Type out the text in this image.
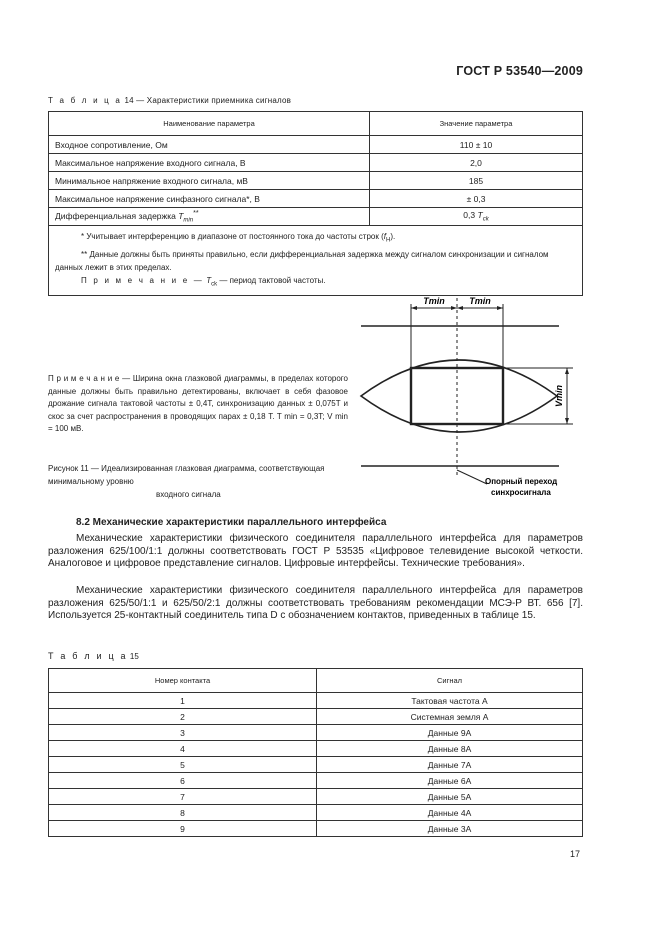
ГОСТ Р 53540—2009
Т а б л и ц а 14 — Характеристики приемника сигналов
Наименование параметра	Значение параметра
Входное сопротивление, Ом	110 ± 10
Максимальное напряжение входного сигнала, В	2,0
Минимальное напряжение входного сигнала, мВ	185
Максимальное напряжение синфазного сигнала*, В	± 0,3
Дифференциальная задержка $T_{min}^{**}$	0,3 $T_{ck}$

* Учитывает интерференцию в диапазоне от постоянного тока до частоты строк $(f_H)$.
** Данные должны быть приняты правильно, если дифференциальная задержка между сигналом синхронизации и сигналом данных лежит в этих пределах.
П р и м е ч а н и е — $T_{ck}$ — период тактовой частоты.	
Tmin	Tmin
Vmin
Опорный переход
синхросигнала
П р и м е ч а н и е — Ширина окна глазковой диаграммы, в пределах которого данные должны быть правильно детектированы, включает в себя фазовое дрожание сигнала тактовой частоты ± 0,4T, синхронизацию данных ± 0,075T и скос за счет распространения в проводящих парах ± 0,18 T. T min = 0,3T; V min = 100 мВ.
Рисунок 11 — Идеализированная глазковая диаграмма, соответствующая минимальному уровню
входного сигнала
8.2 Механические характеристики параллельного интерфейса
Механические характеристики физического соединителя параллельного интерфейса для параметров разложения 625/100/1:1 должны соответствовать ГОСТ Р 53535 «Цифровое телевидение высокой четкости. Аналоговое и цифровое представление сигналов. Цифровые интерфейсы. Технические требования».
Механические характеристики физического соединителя параллельного интерфейса для параметров разложения 625/50/1:1 и 625/50/2:1 должны соответствовать требованиям рекомендации МСЭ-Р ВТ. 656 [7]. Используется 25-контактный соединитель типа D с обозначением контактов, приведенных в таблице 15.
Т а б л и ц а 15
Номер контакта	Сигнал
1	Тактовая частота А
2	Системная земля А
3	Данные 9А
4	Данные 8А
5	Данные 7А
6	Данные 6А
7	Данные 5А
8	Данные 4А
9	Данные 3А
17
